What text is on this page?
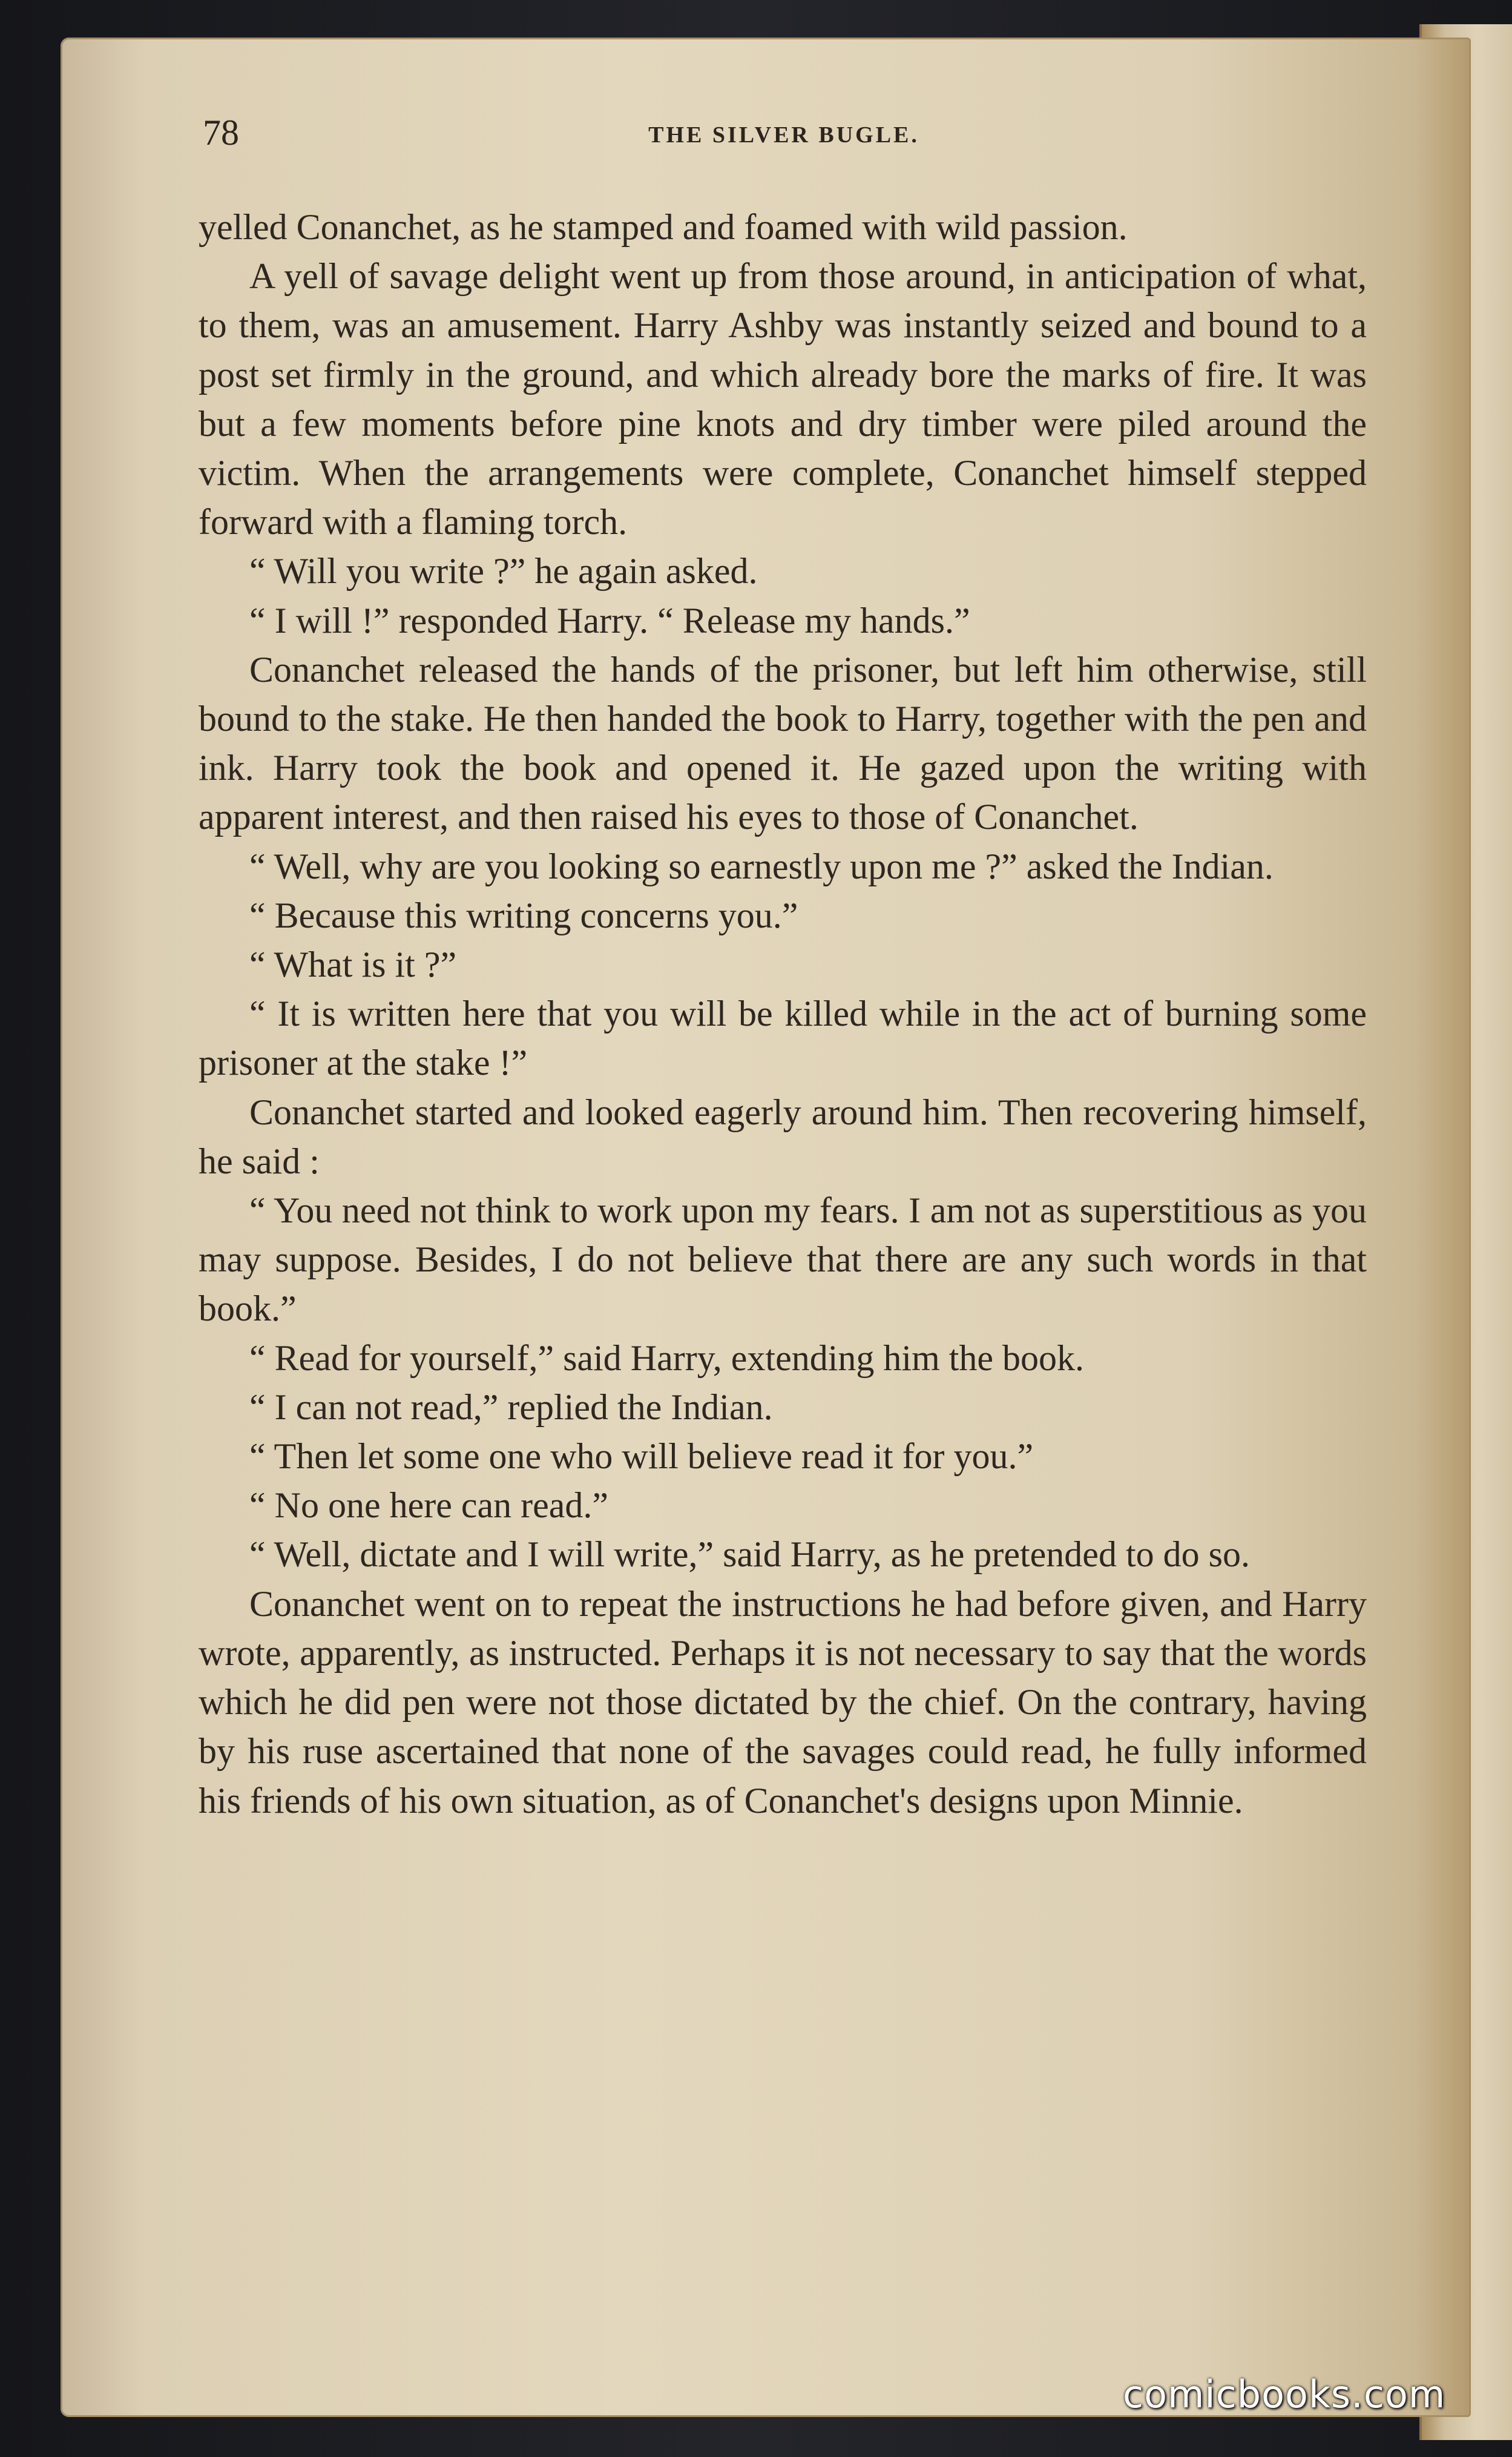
78	THE SILVER BUGLE.

yelled Conanchet, as he stamped and foamed with wild passion.

A yell of savage delight went up from those around, in anticipation of what, to them, was an amusement. Harry Ashby was instantly seized and bound to a post set firmly in the ground, and which already bore the marks of fire. It was but a few moments before pine knots and dry timber were piled around the victim. When the arrangements were complete, Conanchet himself stepped forward with a flaming torch.

“ Will you write ?” he again asked.

“ I will !” responded Harry. “ Release my hands.”

Conanchet released the hands of the prisoner, but left him otherwise, still bound to the stake. He then handed the book to Harry, together with the pen and ink. Harry took the book and opened it. He gazed upon the writing with apparent interest, and then raised his eyes to those of Conanchet.

“ Well, why are you looking so earnestly upon me ?” asked the Indian.

“ Because this writing concerns you.”

“ What is it ?”

“ It is written here that you will be killed while in the act of burning some prisoner at the stake !”

Conanchet started and looked eagerly around him. Then recovering himself, he said :

“ You need not think to work upon my fears. I am not as superstitious as you may suppose. Besides, I do not believe that there are any such words in that book.”

“ Read for yourself,” said Harry, extending him the book.

“ I can not read,” replied the Indian.

“ Then let some one who will believe read it for you.”

“ No one here can read.”

“ Well, dictate and I will write,” said Harry, as he pretended to do so.

Conanchet went on to repeat the instructions he had before given, and Harry wrote, apparently, as instructed. Perhaps it is not necessary to say that the words which he did pen were not those dictated by the chief. On the contrary, having by his ruse ascertained that none of the savages could read, he fully informed his friends of his own situation, as of Conanchet's designs upon Minnie.

comicbooks.com
